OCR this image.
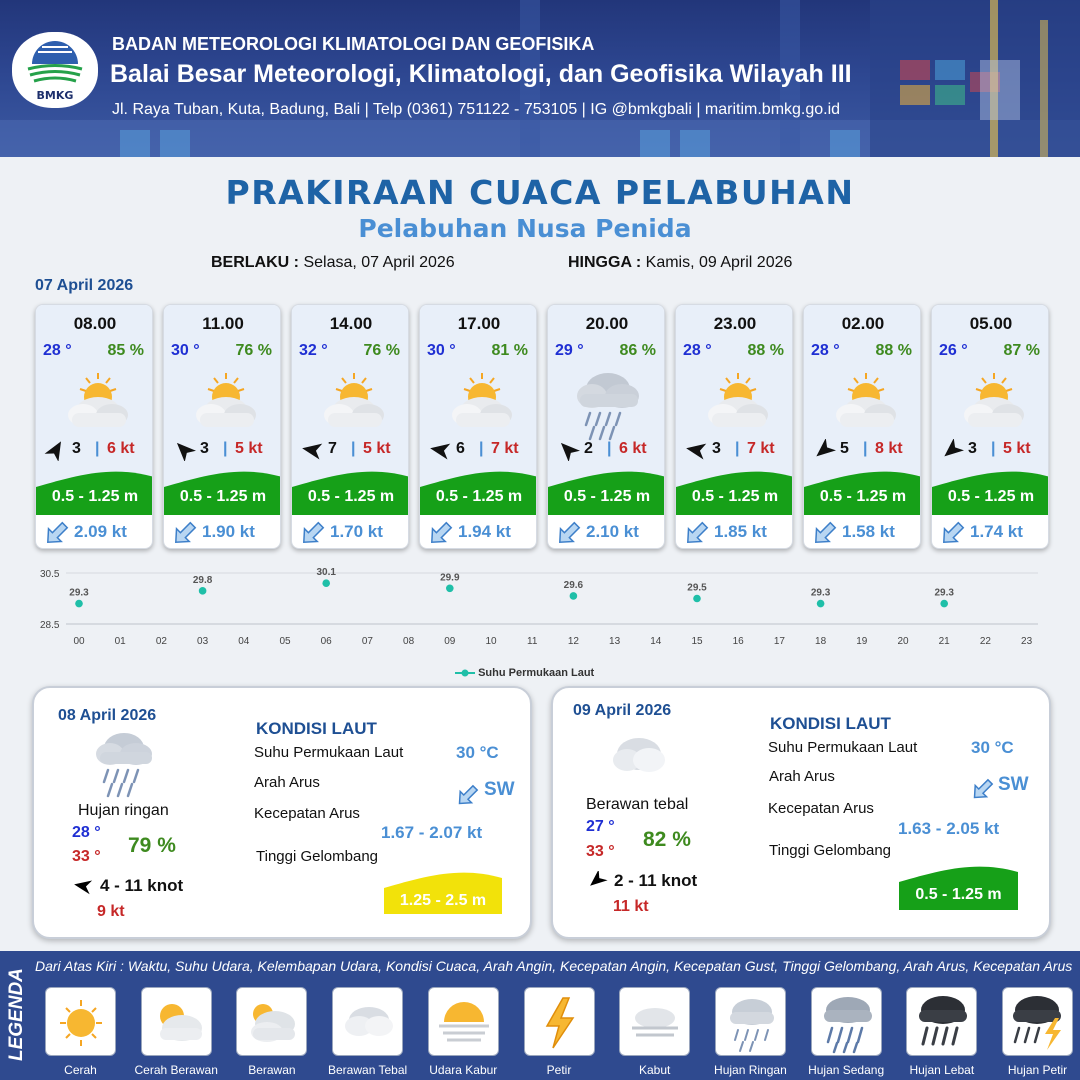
BMKG
BADAN METEOROLOGI KLIMATOLOGI DAN GEOFISIKA
Balai Besar Meteorologi, Klimatologi, dan Geofisika Wilayah III
Jl. Raya Tuban, Kuta, Badung, Bali | Telp (0361) 751122 - 753105 | IG @bmkgbali | maritim.bmkg.go.id
PRAKIRAAN CUACA PELABUHAN
Pelabuhan Nusa Penida
BERLAKU : Selasa, 07 April 2026	HINGGA : Kamis, 09 April 2026
07 April 2026
08.00
28 ° 85 %
3 | 6 kt
0.5 - 1.25 m
2.09 kt
11.00
30 ° 76 %
3 | 5 kt
0.5 - 1.25 m
1.90 kt
14.00
32 ° 76 %
7 | 5 kt
0.5 - 1.25 m
1.70 kt
17.00
30 ° 81 %
6 | 7 kt
0.5 - 1.25 m
1.94 kt
20.00
29 ° 86 %
2 | 6 kt
0.5 - 1.25 m
2.10 kt
23.00
28 ° 88 %
3 | 7 kt
0.5 - 1.25 m
1.85 kt
02.00
28 ° 88 %
5 | 8 kt
0.5 - 1.25 m
1.58 kt
05.00
26 ° 87 %
3 | 5 kt
0.5 - 1.25 m
1.74 kt
30.5
28.5
00	01	02	03	04	05	06	07	08	09	10	11	12	13	14	15	16	17	18	19	20	21	22	23
29.3
29.8
30.1	29.9
29.6	29.5	29.3	29.3
Suhu Permukaan Laut
08 April 2026
Hujan ringan
28 °
33 ° 79 %
4 - 11 knot
9 kt
KONDISI LAUT
Suhu Permukaan Laut	30 °C
Arah Arus	SW
Kecepatan Arus
1.67 - 2.07 kt
Tinggi Gelombang
1.25 - 2.5 m
09 April 2026
Berawan tebal
27 °
33 °
82 %
2 - 11 knot
11 kt
KONDISI LAUT
Suhu Permukaan Laut	30 °C
Arah Arus	SW
Kecepatan Arus
1.63 - 2.05 kt
Tinggi Gelombang
0.5 - 1.25 m
LEGENDA
Dari Atas Kiri : Waktu, Suhu Udara, Kelembapan Udara, Kondisi Cuaca, Arah Angin, Kecepatan Angin, Kecepatan Gust, Tinggi Gelombang, Arah Arus, Kecepatan Arus
Cerah	Cerah Berawan	Berawan	Berawan Tebal	Udara Kabur	Petir	Kabut	Hujan Ringan	Hujan Sedang	Hujan Lebat	Hujan Petir
